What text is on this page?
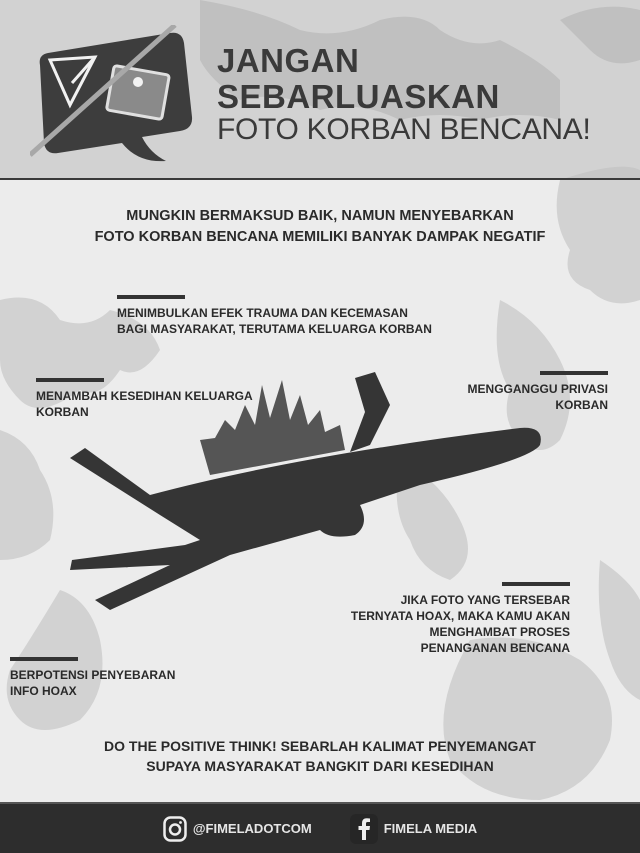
JANGAN
SEBARLUASKAN
FOTO KORBAN BENCANA!
MUNGKIN BERMAKSUD BAIK, NAMUN MENYEBARKAN
FOTO KORBAN BENCANA MEMILIKI BANYAK DAMPAK NEGATIF
MENIMBULKAN EFEK TRAUMA DAN KECEMASAN
BAGI MASYARAKAT, TERUTAMA KELUARGA KORBAN
MENAMBAH KESEDIHAN KELUARGA
KORBAN
MENGGANGGU PRIVASI
KORBAN
JIKA FOTO YANG TERSEBAR
TERNYATA HOAX, MAKA KAMU AKAN
MENGHAMBAT PROSES
PENANGANAN BENCANA
BERPOTENSI PENYEBARAN
INFO HOAX
DO THE POSITIVE THINK! SEBARLAH KALIMAT PENYEMANGAT
SUPAYA MASYARAKAT BANGKIT DARI KESEDIHAN
@FIMELADOTCOM	FIMELA MEDIA
